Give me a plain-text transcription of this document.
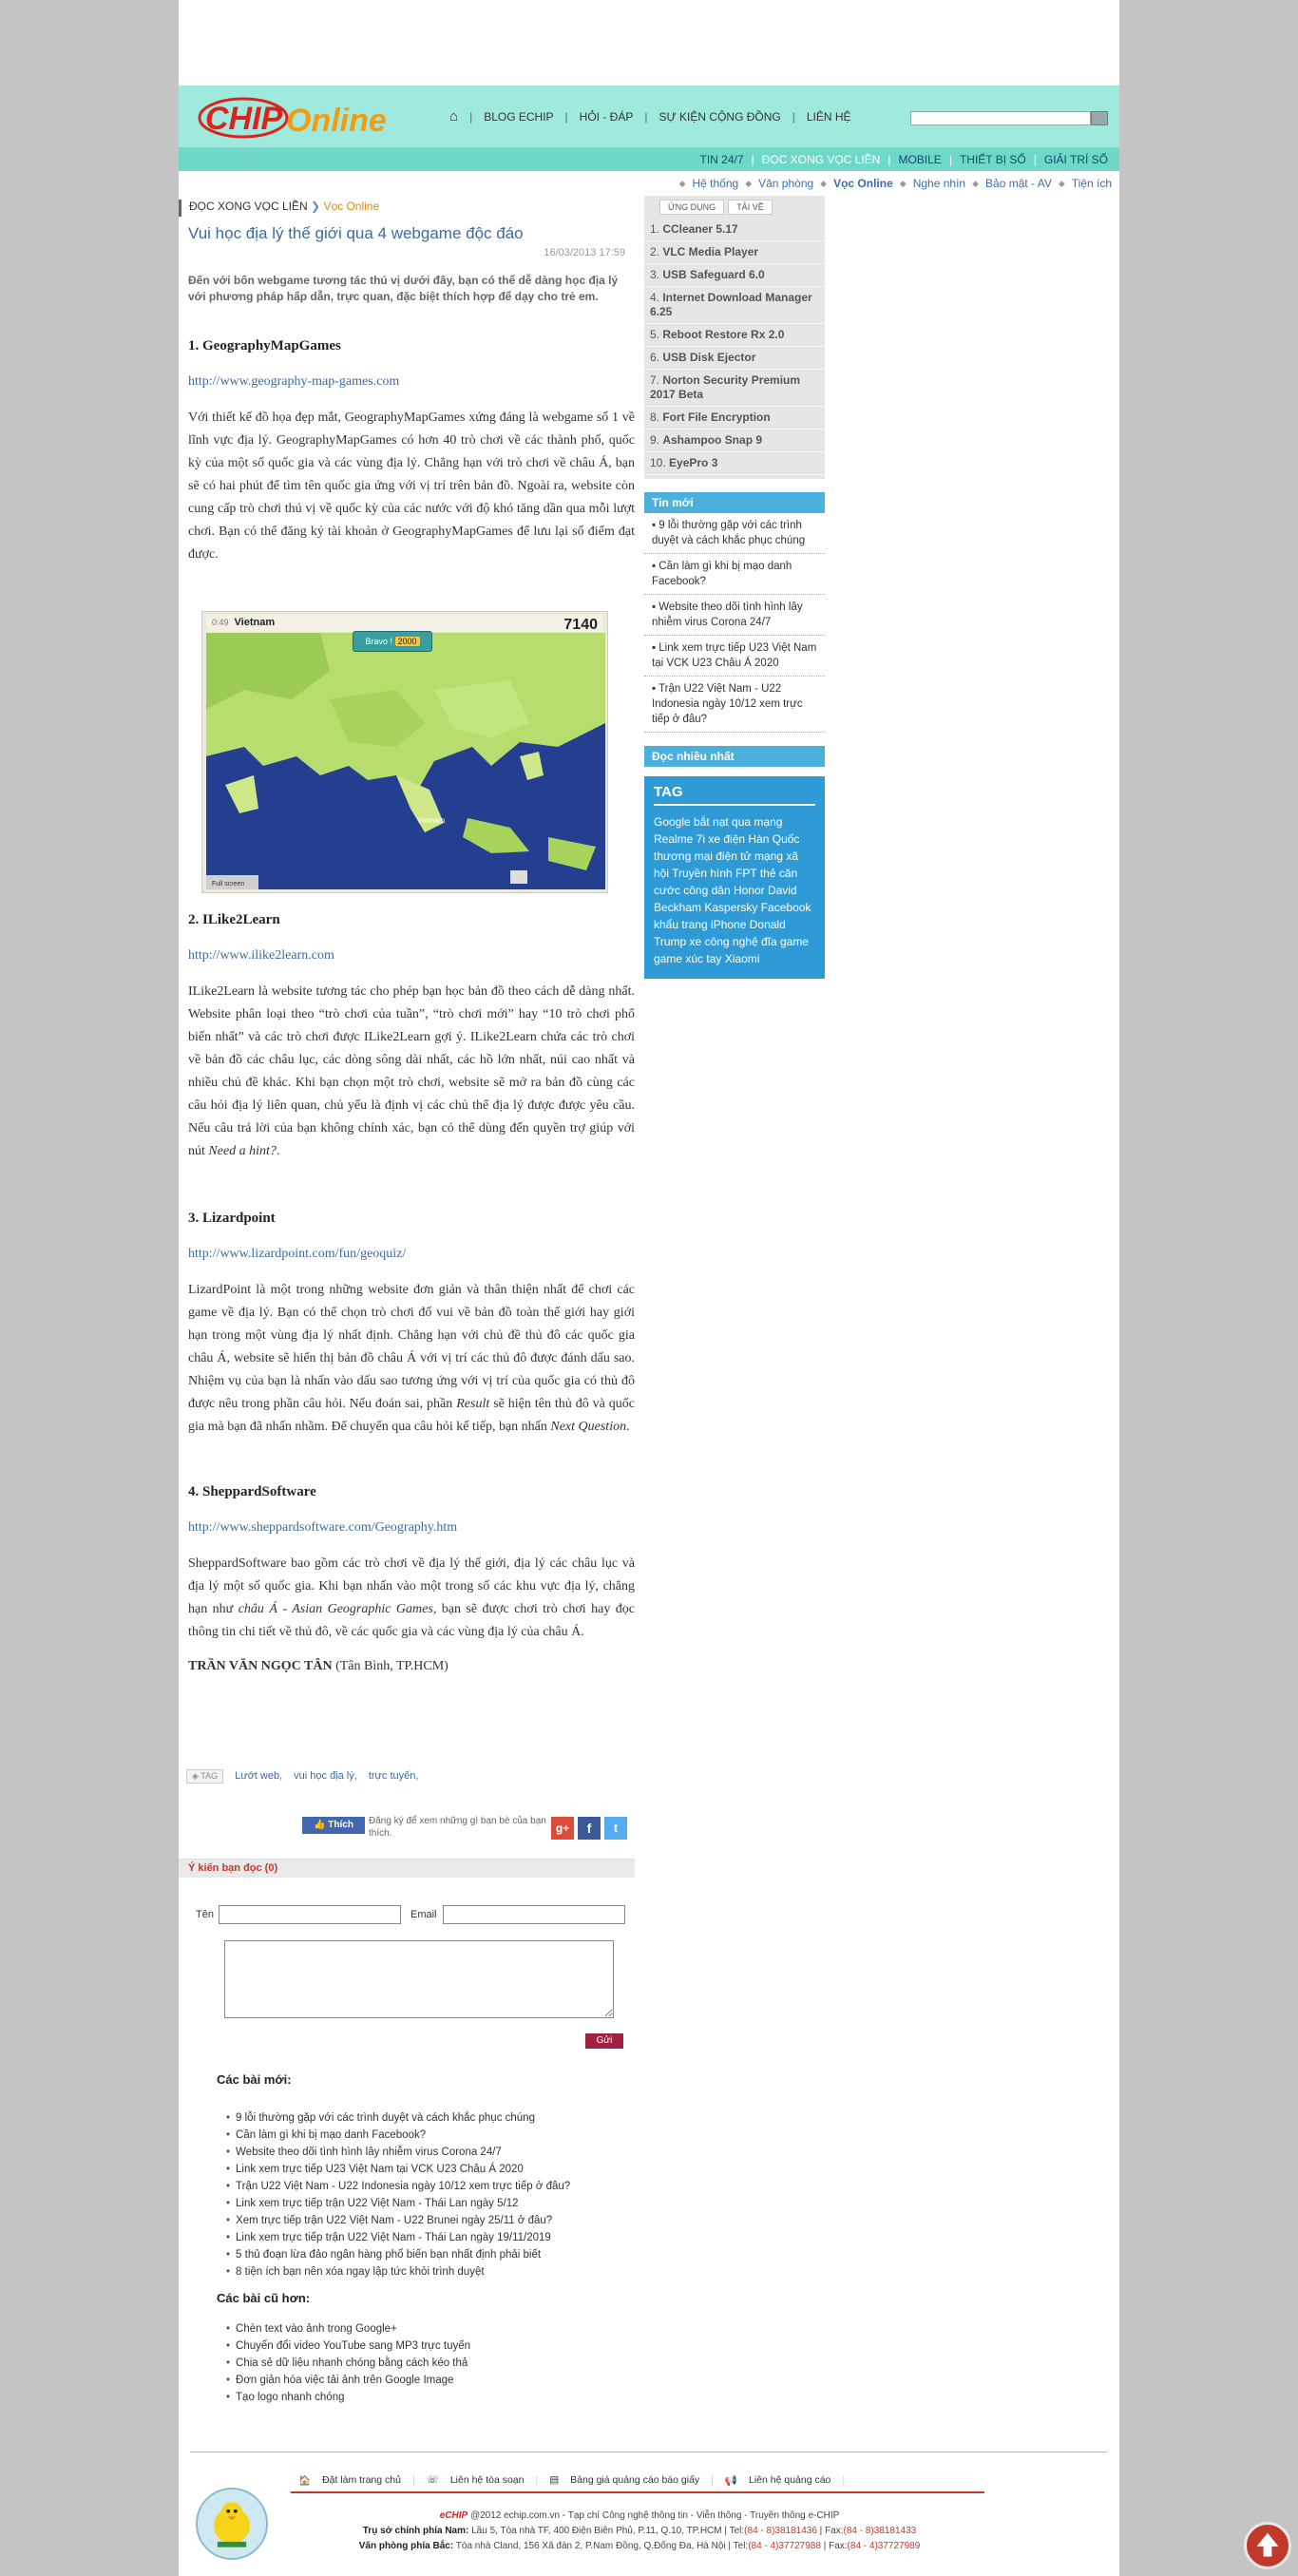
CHIP Online	⌂ | BLOG ECHIP | HỎI - ĐÁP | SỰ KIỆN CỘNG ĐỒNG | LIÊN HỆ
TIN 24/7 | ĐỌC XONG VỌC LIỀN | MOBILE | THIẾT BỊ SỐ | GIẢI TRÍ SỐ
◆ Hệ thống ◆ Văn phòng ◆ Vọc Online ◆ Nghe nhìn ◆ Bảo mật - AV ◆ Tiện ích
ĐỌC XONG VỌC LIỀN ❯ Vọc Online
Vui học địa lý thế giới qua 4 webgame độc đáo
16/03/2013 17:59

Đến với bốn webgame tương tác thú vị dưới đây, bạn có thể dễ dàng học địa lý với phương pháp hấp dẫn, trực quan, đặc biệt thích hợp để dạy cho trẻ em.

1. GeographyMapGames

http://www.geography-map-games.com

Với thiết kế đồ họa đẹp mắt, GeographyMapGames xứng đáng là webgame số 1 về lĩnh vực địa lý. GeographyMapGames có hơn 40 trò chơi về các thành phố, quốc kỳ của một số quốc gia và các vùng địa lý. Chẳng hạn với trò chơi về châu Á, bạn sẽ có hai phút để tìm tên quốc gia ứng với vị trí trên bản đồ. Ngoài ra, website còn cung cấp trò chơi thú vị về quốc kỳ của các nước với độ khó tăng dần qua mỗi lượt chơi. Bạn có thể đăng ký tài khoản ở GeographyMapGames để lưu lại số điểm đạt được.

0:49 Vietnam	7140
Vietnam
Full screen
Bravo ! 2000

2. ILike2Learn

http://www.ilike2learn.com

ILike2Learn là website tương tác cho phép bạn học bản đồ theo cách dễ dàng nhất. Website phân loại theo “trò chơi của tuần”, “trò chơi mới” hay “10 trò chơi phổ biến nhất” và các trò chơi được ILike2Learn gợi ý. ILike2Learn chứa các trò chơi về bản đồ các châu lục, các dòng sông dài nhất, các hồ lớn nhất, núi cao nhất và nhiều chủ đề khác. Khi bạn chọn một trò chơi, website sẽ mở ra bản đồ cùng các câu hỏi địa lý liên quan, chủ yếu là định vị các chủ thể địa lý được được yêu cầu. Nếu câu trả lời của bạn không chính xác, bạn có thể dùng đến quyền trợ giúp với nút Need a hint?.

3. Lizardpoint

http://www.lizardpoint.com/fun/geoquiz/

LizardPoint là một trong những website đơn giản và thân thiện nhất để chơi các game về địa lý. Bạn có thể chọn trò chơi đố vui về bản đồ toàn thế giới hay giới hạn trong một vùng địa lý nhất định. Chẳng hạn với chủ đề thủ đô các quốc gia châu Á, website sẽ hiển thị bản đồ châu Á với vị trí các thủ đô được đánh dấu sao. Nhiệm vụ của bạn là nhấn vào dấu sao tương ứng với vị trí của quốc gia có thủ đô được nêu trong phần câu hỏi. Nếu đoán sai, phần Result sẽ hiện tên thủ đô và quốc gia mà bạn đã nhấn nhầm. Để chuyển qua câu hỏi kế tiếp, bạn nhấn Next Question.

4. SheppardSoftware

http://www.sheppardsoftware.com/Geography.htm

SheppardSoftware bao gồm các trò chơi về địa lý thế giới, địa lý các châu lục và địa lý một số quốc gia. Khi bạn nhấn vào một trong số các khu vực địa lý, chẳng hạn như châu Á - Asian Geographic Games, bạn sẽ được chơi trò chơi hay đọc thông tin chi tiết về thủ đô, về các quốc gia và các vùng địa lý của châu Á.

TRẦN VĂN NGỌC TÂN (Tân Bình, TP.HCM)

ỨNG DỤNG	TẢI VỀ
1. CCleaner 5.17
2. VLC Media Player
3. USB Safeguard 6.0
4. Internet Download Manager 6.25
5. Reboot Restore Rx 2.0
6. USB Disk Ejector
7. Norton Security Premium 2017 Beta
8. Fort File Encryption
9. Ashampoo Snap 9
10. EyePro 3
Tin mới
▪ 9 lỗi thường gặp với các trình duyệt và cách khắc phục chúng
▪ Cần làm gì khi bị mạo danh Facebook?
▪ Website theo dõi tình hình lây nhiễm virus Corona 24/7
▪ Link xem trực tiếp U23 Việt Nam tại VCK U23 Châu Á 2020
▪ Trận U22 Việt Nam - U22 Indonesia ngày 10/12 xem trực tiếp ở đâu?
Đọc nhiều nhất
TAG
Google bắt nạt qua mạng Realme 7i xe điện Hàn Quốc thương mại điện tử mạng xã hội Truyền hình FPT thẻ căn cước công dân Honor David Beckham Kaspersky Facebook khẩu trang iPhone Donald Trump xe công nghệ đĩa game game xúc tay Xiaomi
◈ TAG	Lướt web, vui học địa lý, trực tuyến,
👍 Thích	Đăng ký để xem những gì bạn bè của bạn thích.	g+	f	t
Ý kiến bạn đọc (0)
Tên	Email
Gửi
Các bài mới:
• 9 lỗi thường gặp với các trình duyệt và cách khắc phục chúng
• Cần làm gì khi bị mạo danh Facebook?
• Website theo dõi tình hình lây nhiễm virus Corona 24/7
• Link xem trực tiếp U23 Việt Nam tại VCK U23 Châu Á 2020
• Trận U22 Việt Nam - U22 Indonesia ngày 10/12 xem trực tiếp ở đâu?
• Link xem trực tiếp trận U22 Việt Nam - Thái Lan ngày 5/12
• Xem trực tiếp trận U22 Việt Nam - U22 Brunei ngày 25/11 ở đâu?
• Link xem trực tiếp trận U22 Việt Nam - Thái Lan ngày 19/11/2019
• 5 thủ đoạn lừa đảo ngân hàng phổ biến bạn nhất định phải biết
• 8 tiện ích bạn nên xóa ngay lập tức khỏi trình duyệt
Các bài cũ hơn:
• Chèn text vào ảnh trong Google+
• Chuyển đổi video YouTube sang MP3 trực tuyến
• Chia sẻ dữ liệu nhanh chóng bằng cách kéo thả
• Đơn giản hóa việc tải ảnh trên Google Image
• Tạo logo nhanh chóng
🏠 Đặt làm trang chủ | ☏ Liên hệ tòa soạn | ▤ Bảng giá quảng cáo báo giấy | 📢 Liên hệ quảng cáo |
eCHIP @2012 echip.com.vn - Tạp chí Công nghệ thông tin - Viễn thông - Truyền thông e-CHIP
Trụ sở chính phía Nam: Lầu 5, Tòa nhà TF, 400 Điện Biên Phủ, P.11, Q.10, TP.HCM | Tel:(84 - 8)38181436 | Fax:(84 - 8)38181433
Văn phòng phía Bắc: Tòa nhà Cland, 156 Xã đàn 2, P.Nam Đồng, Q.Đống Đa, Hà Nội | Tel:(84 - 4)37727988 | Fax:(84 - 4)37727989
